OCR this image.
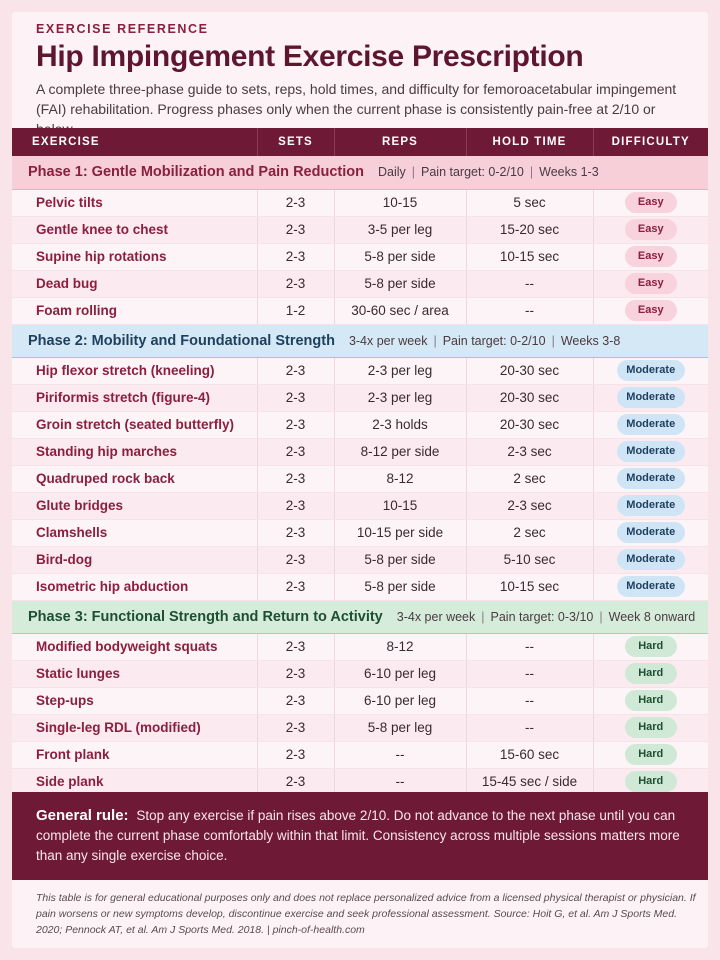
EXERCISE REFERENCE
Hip Impingement Exercise Prescription
A complete three-phase guide to sets, reps, hold times, and difficulty for femoroacetabular impingement (FAI) rehabilitation. Progress phases only when the current phase is consistently pain-free at 2/10 or
EXERCISE	SETS	REPS	HOLD TIME	DIFFICULTY
Phase 1: Gentle Mobilization and Pain Reduction Daily | Pain target: 0-2/10 | Weeks 1-3				
Pelvic tilts	2-3	10-15	5 sec	Easy
Gentle knee to chest	2-3	3-5 per leg	15-20 sec	Easy
Supine hip rotations	2-3	5-8 per side	10-15 sec	Easy
Dead bug	2-3	5-8 per side	--	Easy
Foam rolling	1-2	30-60 sec / area	--	Easy
Phase 2: Mobility and Foundational Strength 3-4x per week | Pain target: 0-2/10 | Weeks 3-8				
Hip flexor stretch (kneeling)	2-3	2-3 per leg	20-30 sec	Moderate
Piriformis stretch (figure-4)	2-3	2-3 per leg	20-30 sec	Moderate
Groin stretch (seated butterfly)	2-3	2-3 holds	20-30 sec	Moderate
Standing hip marches	2-3	8-12 per side	2-3 sec	Moderate
Quadruped rock back	2-3	8-12	2 sec	Moderate
Glute bridges	2-3	10-15	2-3 sec	Moderate
Clamshells	2-3	10-15 per side	2 sec	Moderate
Bird-dog	2-3	5-8 per side	5-10 sec	Moderate
Isometric hip abduction	2-3	5-8 per side	10-15 sec	Moderate
Phase 3: Functional Strength and Return to Activity 3-4x per week | Pain target: 0-3/10 | Week 8 onward				
Modified bodyweight squats	2-3	8-12	--	Hard
Static lunges	2-3	6-10 per leg	--	Hard
Step-ups	2-3	6-10 per leg	--	Hard
Single-leg RDL (modified)	2-3	5-8 per leg	--	Hard
Front plank	2-3	--	15-60 sec	Hard
Side plank	2-3	--	15-45 sec / side	Hard
General rule: Stop any exercise if pain rises above 2/10. Do not advance to the next phase until you can complete the current phase comfortably within that limit. Consistency across multiple sessions matters more than any single exercise choice.
This table is for general educational purposes only and does not replace personalized advice from a licensed physical therapist or physician. If pain worsens or new symptoms develop, discontinue exercise and seek professional assessment. Source: Hoit G, et al. Am J Sports Med. 2020; Pennock AT, et al. Am J Sports Med. 2018. | pinch-of-health.com
